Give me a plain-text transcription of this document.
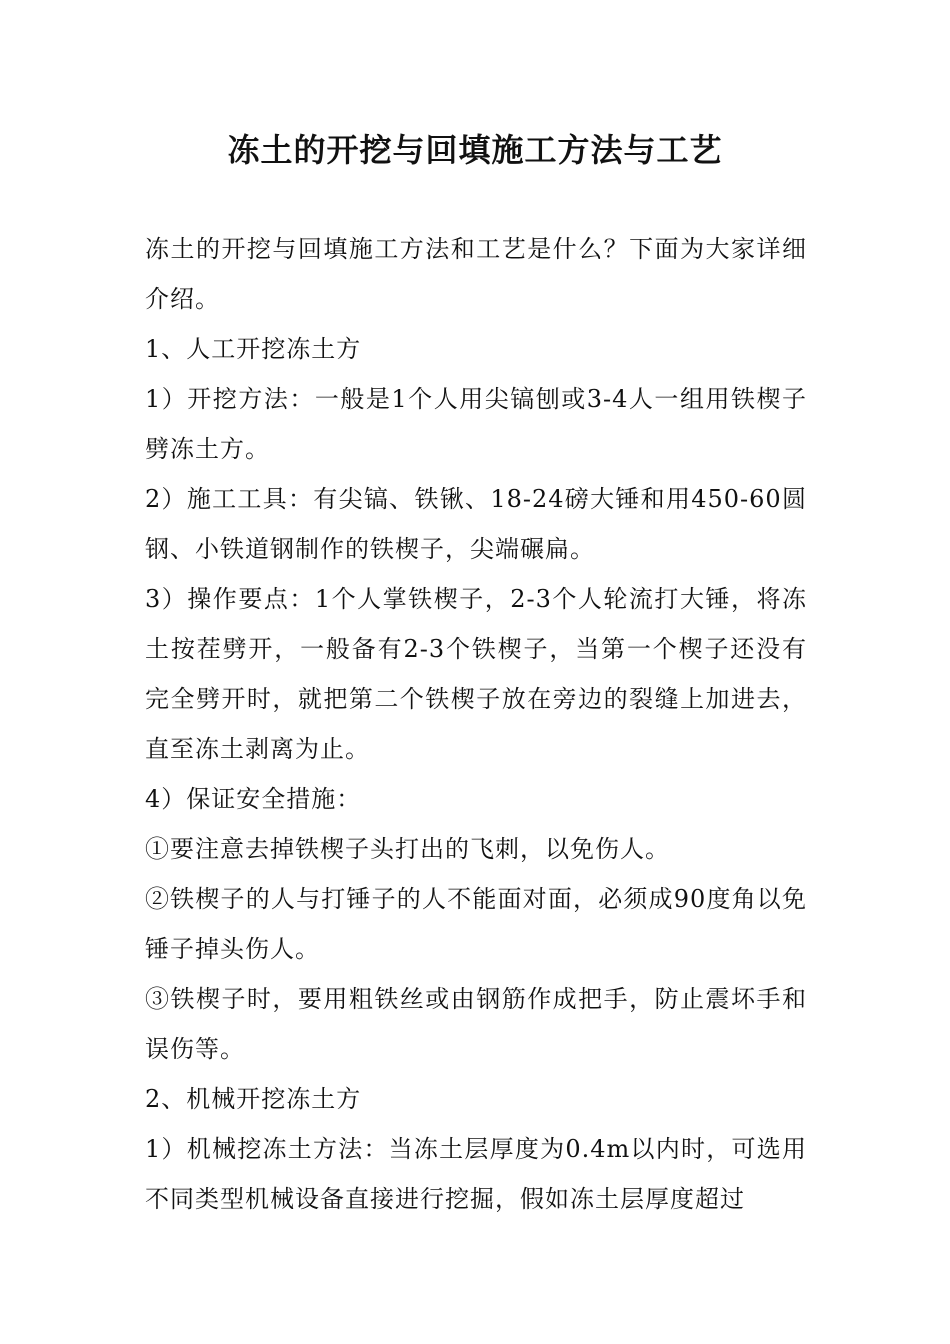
冻土的开挖与回填施工方法与工艺

冻土的开挖与回填施工方法和工艺是什么？下面为大家详细介绍。

1、人工开挖冻土方

1）开挖方法：一般是1个人用尖镐刨或3-4人一组用铁楔子劈冻土方。

2）施工工具：有尖镐、铁锹、18-24磅大锤和用450-60圆钢、小铁道钢制作的铁楔子，尖端碾扁。

3）操作要点：1个人掌铁楔子，2-3个人轮流打大锤，将冻土按茬劈开，一般备有2-3个铁楔子，当第一个楔子还没有完全劈开时，就把第二个铁楔子放在旁边的裂缝上加进去，直至冻土剥离为止。

4）保证安全措施：

①要注意去掉铁楔子头打出的飞刺，以免伤人。

②铁楔子的人与打锤子的人不能面对面，必须成90度角以免锤子掉头伤人。

③铁楔子时，要用粗铁丝或由钢筋作成把手，防止震坏手和误伤等。

2、机械开挖冻土方

1）机械挖冻土方法：当冻土层厚度为0.4m以内时，可选用不同类型机械设备直接进行挖掘，假如冻土层厚度超过
